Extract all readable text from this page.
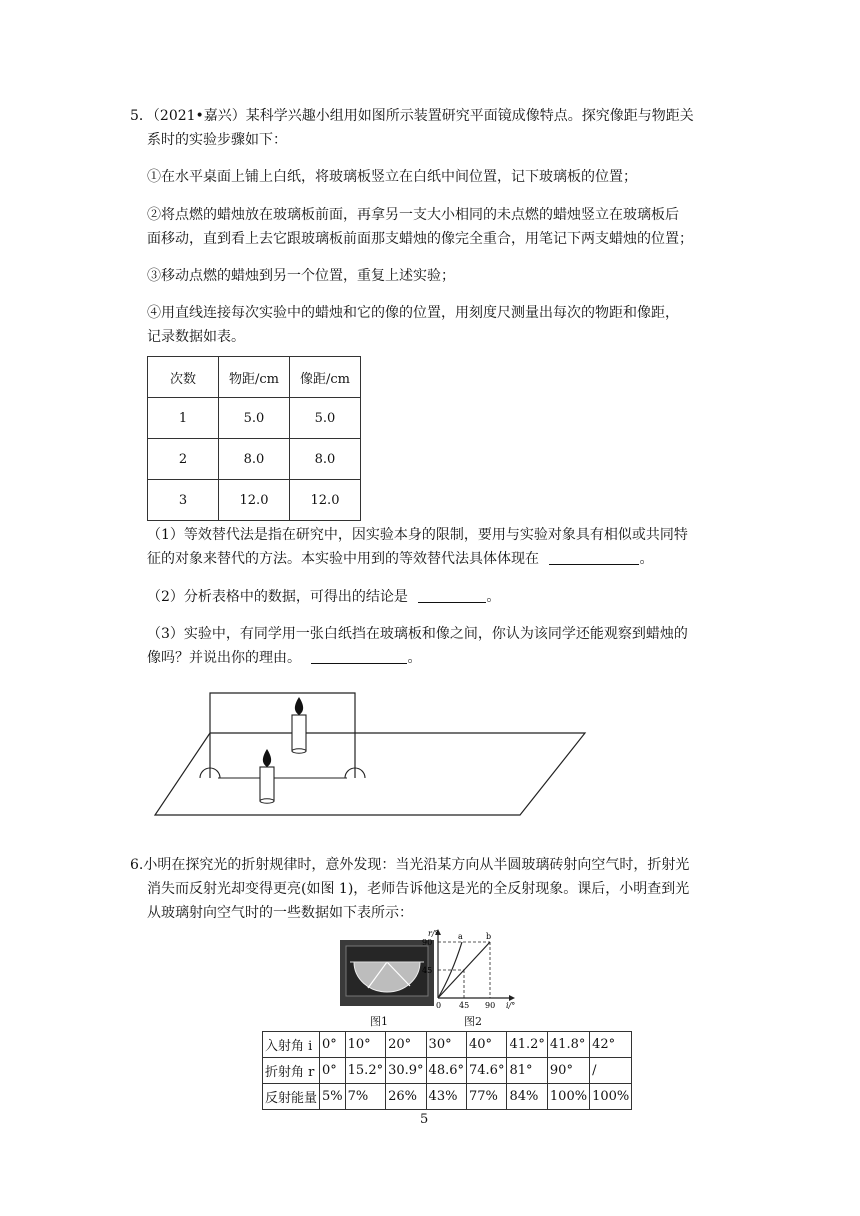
5．（2021•嘉兴）某科学兴趣小组用如图所示装置研究平面镜成像特点。探究像距与物距关

系时的实验步骤如下：

①在水平桌面上铺上白纸，将玻璃板竖立在白纸中间位置，记下玻璃板的位置；

②将点燃的蜡烛放在玻璃板前面，再拿另一支大小相同的未点燃的蜡烛竖立在玻璃板后

面移动，直到看上去它跟玻璃板前面那支蜡烛的像完全重合，用笔记下两支蜡烛的位置；

③移动点燃的蜡烛到另一个位置，重复上述实验；

④用直线连接每次实验中的蜡烛和它的像的位置，用刻度尺测量出每次的物距和像距，

记录数据如表。

次数	物距/cm	像距/cm
1	5.0	5.0
2	8.0	8.0
3	12.0	12.0

（1）等效替代法是指在研究中，因实验本身的限制，要用与实验对象具有相似或共同特

征的对象来替代的方法。本实验中用到的等效替代法具体体现在	。

（2）分析表格中的数据，可得出的结论是	。

（3）实验中，有同学用一张白纸挡在玻璃板和像之间，你认为该同学还能观察到蜡烛的

像吗？并说出你的理由。	。

6.小明在探究光的折射规律时，意外发现：当光沿某方向从半圆玻璃砖射向空气时，折射光

消失而反射光却变得更亮(如图 1)，老师告诉他这是光的全反射现象。课后，小明查到光

从玻璃射向空气时的一些数据如下表所示：

图1
r/°
90
45
0 45 90 i/°
a	b
图2
入射角 i	0°	10°	20°	30°	40°	41.2°	41.8°	42°
折射角 r	0°	15.2°	30.9°	48.6°	74.6°	81°	90°	/
反射能量	5%	7%	26%	43%	77%	84%	100%	100%
5
